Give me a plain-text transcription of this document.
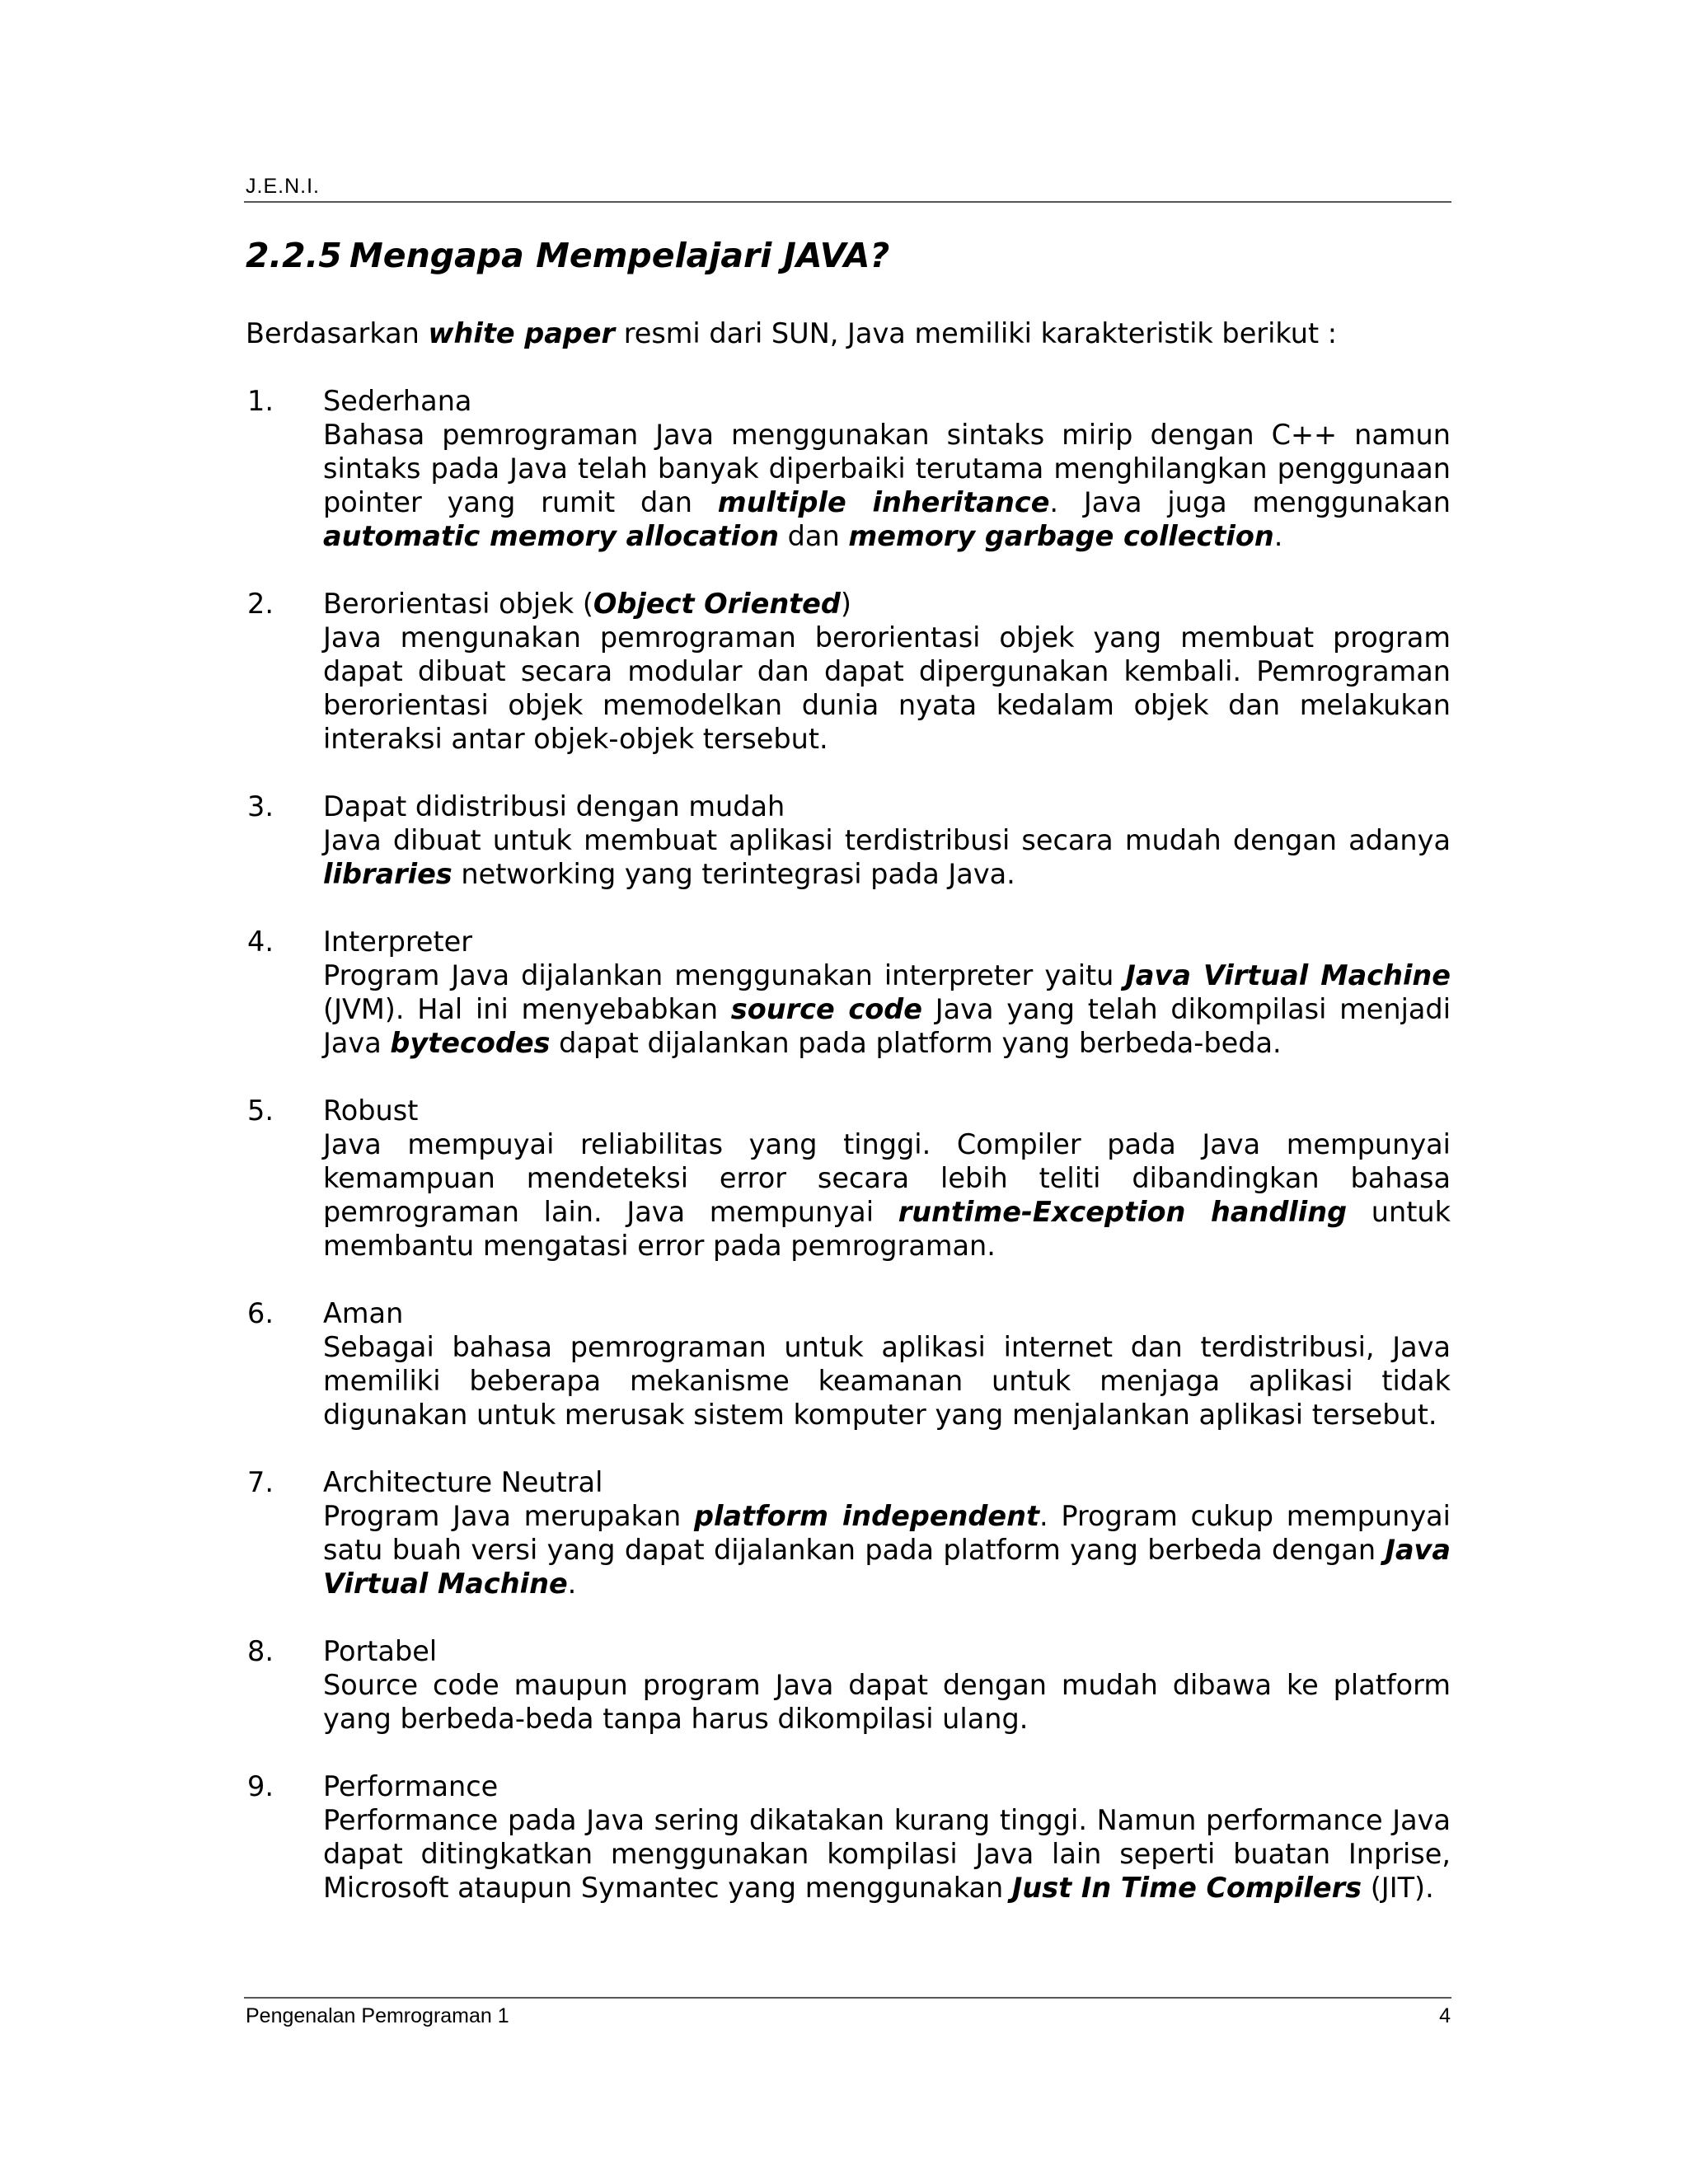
J.E.N.I.
2.2.5 Mengapa Mempelajari JAVA?

Berdasarkan white paper resmi dari SUN, Java memiliki karakteristik berikut :

1. Sederhana
Bahasa pemrograman Java menggunakan sintaks mirip dengan C++ namun sintaks pada Java telah banyak diperbaiki terutama menghilangkan penggunaan pointer yang rumit dan multiple inheritance. Java juga menggunakan automatic memory allocation dan memory garbage collection.
2. Berorientasi objek (Object Oriented)
Java mengunakan pemrograman berorientasi objek yang membuat program dapat dibuat secara modular dan dapat dipergunakan kembali. Pemrograman berorientasi objek memodelkan dunia nyata kedalam objek dan melakukan interaksi antar objek-objek tersebut.
3. Dapat didistribusi dengan mudah
Java dibuat untuk membuat aplikasi terdistribusi secara mudah dengan adanya libraries networking yang terintegrasi pada Java.
4. Interpreter
Program Java dijalankan menggunakan interpreter yaitu Java Virtual Machine (JVM). Hal ini menyebabkan source code Java yang telah dikompilasi menjadi Java bytecodes dapat dijalankan pada platform yang berbeda-beda.
5. Robust
Java mempuyai reliabilitas yang tinggi. Compiler pada Java mempunyai kemampuan mendeteksi error secara lebih teliti dibandingkan bahasa pemrograman lain. Java mempunyai runtime-Exception handling untuk membantu mengatasi error pada pemrograman.
6. Aman
Sebagai bahasa pemrograman untuk aplikasi internet dan terdistribusi, Java memiliki beberapa mekanisme keamanan untuk menjaga aplikasi tidak digunakan untuk merusak sistem komputer yang menjalankan aplikasi tersebut.
7. Architecture Neutral
Program Java merupakan platform independent. Program cukup mempunyai satu buah versi yang dapat dijalankan pada platform yang berbeda dengan Java Virtual Machine.
8. Portabel
Source code maupun program Java dapat dengan mudah dibawa ke platform yang berbeda-beda tanpa harus dikompilasi ulang.
9. Performance
Performance pada Java sering dikatakan kurang tinggi. Namun performance Java dapat ditingkatkan menggunakan kompilasi Java lain seperti buatan Inprise, Microsoft ataupun Symantec yang menggunakan Just In Time Compilers (JIT).
Pengenalan Pemrograman 1	4
